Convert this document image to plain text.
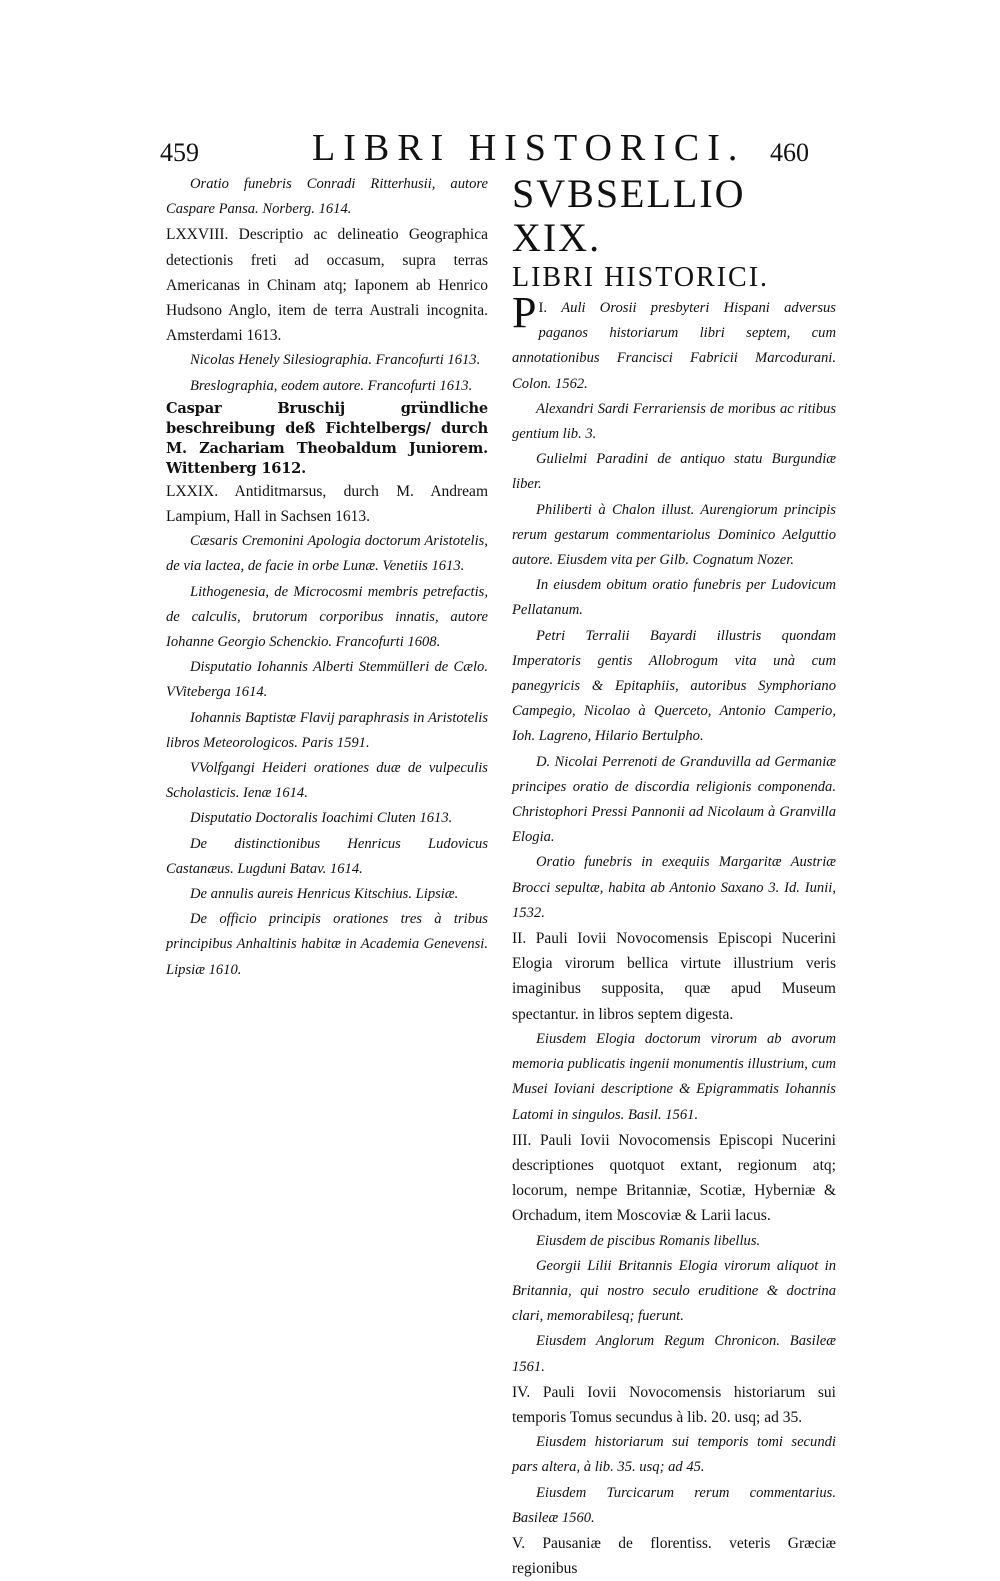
459	LIBRI HISTORICI. 460

Oratio funebris Conradi Ritterhusii, autore Caspare Pansa. Norberg. 1614.

LXXVIII. Descriptio ac delineatio Geographica detectionis freti ad occasum, supra terras Americanas in Chinam atq; Iaponem ab Henrico Hudsono Anglo, item de terra Australi incognita. Amsterdami 1613.

Nicolas Henely Silesiographia. Francofurti 1613.

Breslographia, eodem autore. Francofurti 1613.

Caspar Bruschij gründliche beschreibung deß Fichtelbergs/ durch M. Zachariam Theobaldum Juniorem. Wittenberg 1612.

LXXIX. Antiditmarsus, durch M. Andream Lampium, Hall in Sachsen 1613.

Cæsaris Cremonini Apologia doctorum Aristotelis, de via lactea, de facie in orbe Lunæ. Venetiis 1613.

Lithogenesia, de Microcosmi membris petrefactis, de calculis, brutorum corporibus innatis, autore Iohanne Georgio Schenckio. Francofurti 1608.

Disputatio Iohannis Alberti Stemmülleri de Cælo. VViteberga 1614.

Iohannis Baptistæ Flavij paraphrasis in Aristotelis libros Meteorologicos. Paris 1591.

VVolfgangi Heideri orationes duæ de vulpeculis Scholasticis. Ienæ 1614.

Disputatio Doctoralis Ioachimi Cluten 1613.

De distinctionibus Henricus Ludovicus Castanæus. Lugduni Batav. 1614.

De annulis aureis Henricus Kitschius. Lipsiæ.

De officio principis orationes tres à tribus principibus Anhaltinis habitæ in Academia Genevensi. Lipsiæ 1610.

SVBSELLIO XIX.

LIBRI HISTORICI.

I.
P Auli Orosii presbyteri Hispani adversus paganos historiarum libri septem, cum annotationibus Francisci Fabricii Marcodurani. Colon. 1562.

Alexandri Sardi Ferrariensis de moribus ac ritibus gentium lib. 3.

Gulielmi Paradini de antiquo statu Burgundiæ liber.

Philiberti à Chalon illust. Aurengiorum principis rerum gestarum commentariolus Dominico Aelguttio autore. Eiusdem vita per Gilb. Cognatum Nozer.

In eiusdem obitum oratio funebris per Ludovicum Pellatanum.

Petri Terralii Bayardi illustris quondam Imperatoris gentis Allobrogum vita unà cum panegyricis & Epitaphiis, autoribus Symphoriano Campegio, Nicolao à Querceto, Antonio Camperio, Ioh. Lagreno, Hilario Bertulpho.

D. Nicolai Perrenoti de Granduvilla ad Germaniæ principes oratio de discordia religionis componenda. Christophori Pressi Pannonii ad Nicolaum à Granvilla Elogia.

Oratio funebris in exequiis Margaritæ Austriæ Brocci sepultæ, habita ab Antonio Saxano 3. Id. Iunii, 1532.

II. Pauli Iovii Novocomensis Episcopi Nucerini Elogia virorum bellica virtute illustrium veris imaginibus supposita, quæ apud Museum spectantur. in libros septem digesta.

Eiusdem Elogia doctorum virorum ab avorum memoria publicatis ingenii monumentis illustrium, cum Musei Ioviani descriptione & Epigrammatis Iohannis Latomi in singulos. Basil. 1561.

III. Pauli Iovii Novocomensis Episcopi Nucerini descriptiones quotquot extant, regionum atq; locorum, nempe Britanniæ, Scotiæ, Hyberniæ & Orchadum, item Moscoviæ & Larii lacus.

Eiusdem de piscibus Romanis libellus.

Georgii Lilii Britannis Elogia virorum aliquot in Britannia, qui nostro seculo eruditione & doctrina clari, memorabilesq; fuerunt.

Eiusdem Anglorum Regum Chronicon. Basileæ 1561.

IV. Pauli Iovii Novocomensis historiarum sui temporis Tomus secundus à lib. 20. usq; ad 35.

Eiusdem historiarum sui temporis tomi secundi pars altera, à lib. 35. usq; ad 45.

Eiusdem Turcicarum rerum commentarius. Basileæ 1560.

V. Pausaniæ de florentiss. veteris Græciæ regionibus
